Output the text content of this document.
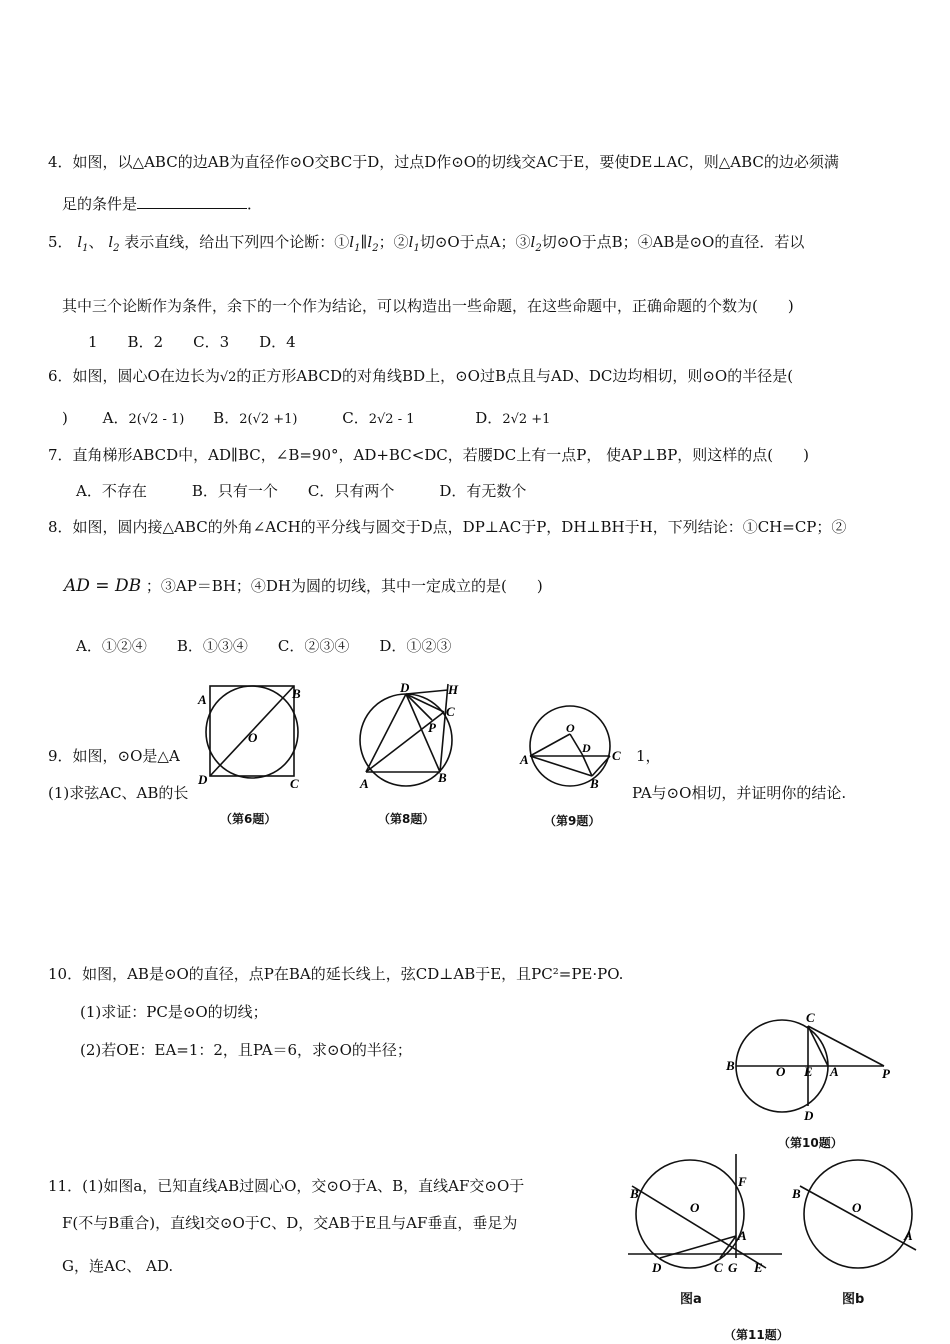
4．如图，以△ABC的边AB为直径作⊙O交BC于D，过点D作⊙O的切线交AC于E，要使DE⊥AC，则△ABC的边必须满
足的条件是	．
5． $l_1$、 $l_2$ 表示直线，给出下列四个论断：$①l_1\parallel l_2$；$②l_1$切⊙O于点A；$③l_2$切⊙O于点B；④AB是⊙O的直径．若以
其中三个论断作为条件，余下的一个作为结论，可以构造出一些命题，在这些命题中，正确命题的个数为(　　)
1　　B．2　　C．3　　D．4
6．如图，圆心O在边长为√2的正方形ABCD的对角线BD上，⊙O过B点且与AD、DC边均相切，则⊙O的半径是(
) A．2(√2 - 1) B．2(√2 +1)	C．2√2 - 1	D．2√2 +1
7．直角梯形ABCD中，AD∥BC，∠B=90°，AD+BC<DC，若腰DC上有一点P， 使AP⊥BP，则这样的点(　　)
A．不存在　　　B．只有一个　　C．只有两个　　　D．有无数个
8．如图，圆内接△ABC的外角∠ACH的平分线与圆交于D点，DP⊥AC于P，DH⊥BH于H，下列结论：①CH=CP；②
AD = DB ；③AP＝BH；④DH为圆的切线，其中一定成立的是(　　)
A．①②④　　B．①③④　　C．②③④　　D．①②③
9．如图，⊙O是△A	1，
(1)求弦AC、AB的长	PA与⊙O相切，并证明你的结论.
A	B
D	C
O
D	H
C
P
A	B
O
D C
A
B
（第6题）	（第8题）	（第9题）
10．如图，AB是⊙O的直径，点P在BA的延长线上，弦CD⊥AB于E，且PC²=PE·PO.
(1)求证：PC是⊙O的切线；
(2)若OE：EA=1：2，且PA＝6，求⊙O的半径；
B	O
C
E A	P
D
（第10题）
11．(1)如图a，已知直线AB过圆心O，交⊙O于A、B，直线AF交⊙O于
F(不与B重合)，直线l交⊙O于C、D，交AB于E且与AF垂直，垂足为
G，连AC、 AD.
B
O
F
A
D	C G E
B
O
A
图a	图b
（第11题）
